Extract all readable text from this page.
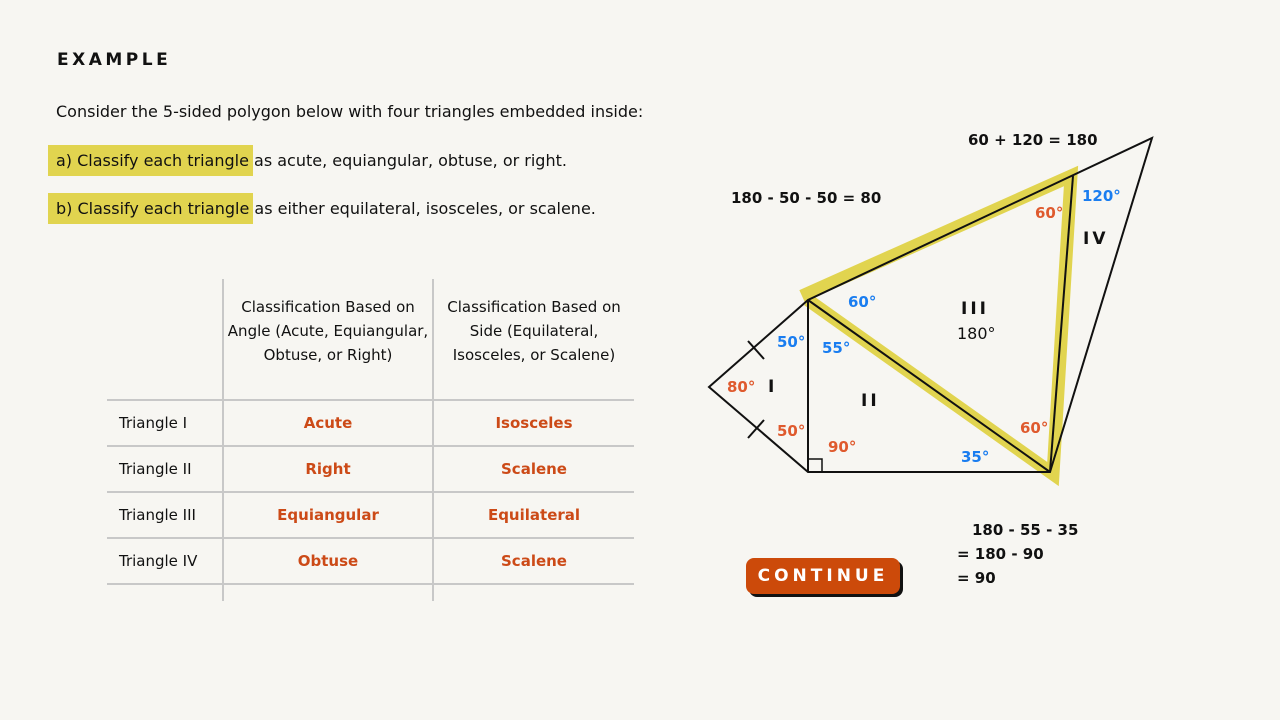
EXAMPLE
Consider the 5-sided polygon below with four triangles embedded inside:
a) Classify each triangle as acute, equiangular, obtuse, or right.
b) Classify each triangle as either equilateral, isosceles, or scalene.
	Classification Based on Angle (Acute, Equiangular, Obtuse, or Right)	Classification Based on Side (Equilateral, Isosceles, or Scalene)
Triangle I	Acute	Isosceles
Triangle II	Right	Scalene
Triangle III	Equiangular	Equilateral
Triangle IV	Obtuse	Scalene

I
II
III
IV
80°
50°
50°
55°
90°
35°
60°
60°
60°
180°
120°
180 - 50 - 50 = 80
60 + 120 = 180
180 - 55 - 35
= 180 - 90
= 90
CONTINUE
